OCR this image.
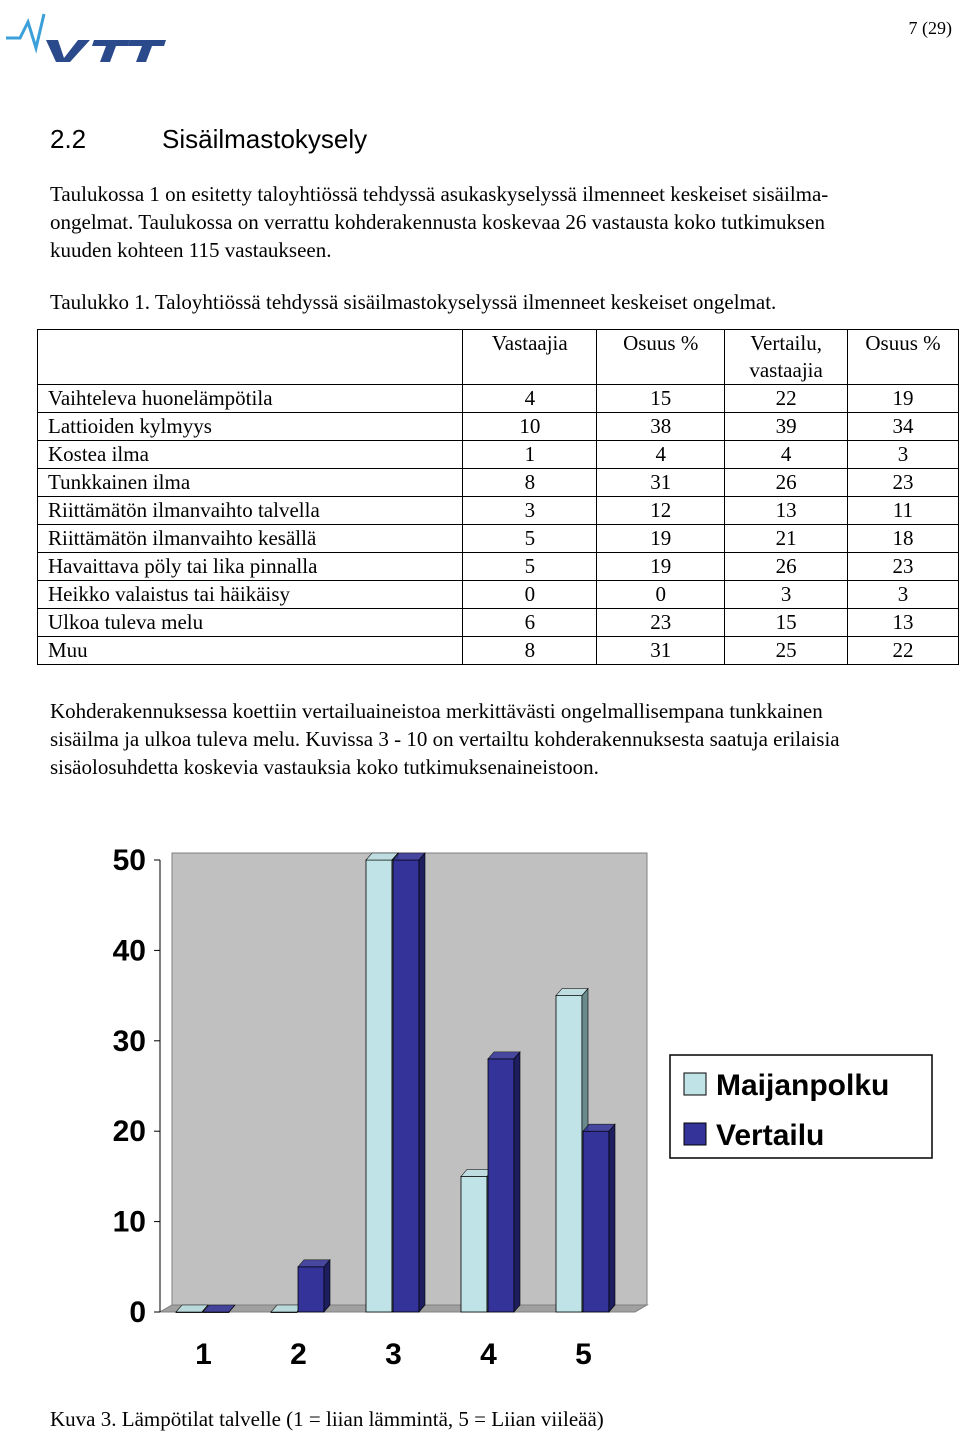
7 (29)
2.2	Sisäilmastokysely

Taulukossa 1 on esitetty taloyhtiössä tehdyssä asukaskyselyssä ilmenneet keskeiset sisäilma-

ongelmat. Taulukossa on verrattu kohderakennusta koskevaa 26 vastausta koko tutkimuksen

kuuden kohteen 115 vastaukseen.

Taulukko 1. Taloyhtiössä tehdyssä sisäilmastokyselyssä ilmenneet keskeiset ongelmat.
	Vastaajia	Osuus %	Vertailu,
vastaajia	Osuus %
Vaihteleva huonelämpötila	4	15	22	19
Lattioiden kylmyys	10	38	39	34
Kostea ilma	1	4	4	3
Tunkkainen ilma	8	31	26	23
Riittämätön ilmanvaihto talvella	3	12	13	11
Riittämätön ilmanvaihto kesällä	5	19	21	18
Havaittava pöly tai lika pinnalla	5	19	26	23
Heikko valaistus tai häikäisy	0	0	3	3
Ulkoa tuleva melu	6	23	15	13
Muu	8	31	25	22

Kohderakennuksessa koettiin vertailuaineistoa merkittävästi ongelmallisempana tunkkainen

sisäilma ja ulkoa tuleva melu. Kuvissa 3 - 10 on vertailtu kohderakennuksesta saatuja erilaisia

sisäolosuhdetta koskevia vastauksia koko tutkimuksenaineistoon.

0
10
20
30
40
50
1	2	3	4	5
Maijanpolku
Vertailu
Kuva 3. Lämpötilat talvelle (1 = liian lämmintä, 5 = Liian viileää)
